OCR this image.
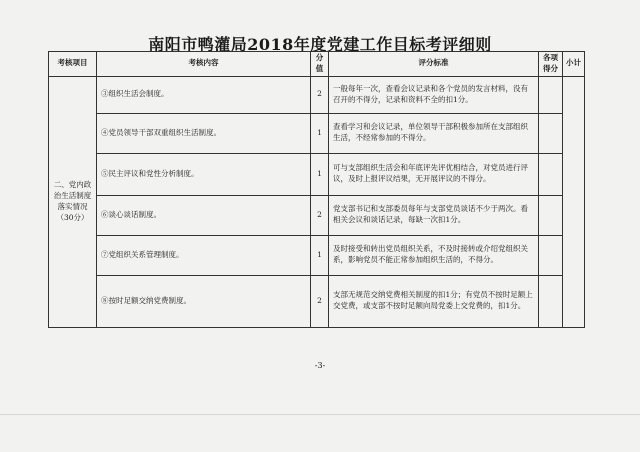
南阳市鸭灌局2018年度党建工作目标考评细则
考核项目	考核内容	分值	评分标准	各项得分	小计
二、党内政治生活制度落实情况（30分）	③组织生活会制度。	2	一般每年一次，查看会议记录和各个党员的发言材料，没有召开的不得分，记录和资料不全的扣1分。		
	④党员领导干部双重组织生活制度。	1	查看学习和会议记录，单位领导干部积极参加所在支部组织生活，不经常参加的不得分。		
	⑤民主评议和党性分析制度。	1	可与支部组织生活会和年底评先评优相结合，对党员进行评议，及时上报评议结果，无开展评议的不得分。		
	⑥谈心谈话制度。	2	党支部书记和支部委员每年与支部党员谈话不少于两次。看相关会议和谈话记录，每缺一次扣1分。		
	⑦党组织关系管理制度。	1	及时接受和转出党员组织关系，不及时接转或介绍党组织关系，影响党员不能正常参加组织生活的，不得分。		
	⑧按时足额交纳党费制度。	2	支部无规范交纳党费相关制度的扣1分；有党员不按时足额上交党费，或支部不按时足额向局党委上交党费的，扣1分。		
-3-
